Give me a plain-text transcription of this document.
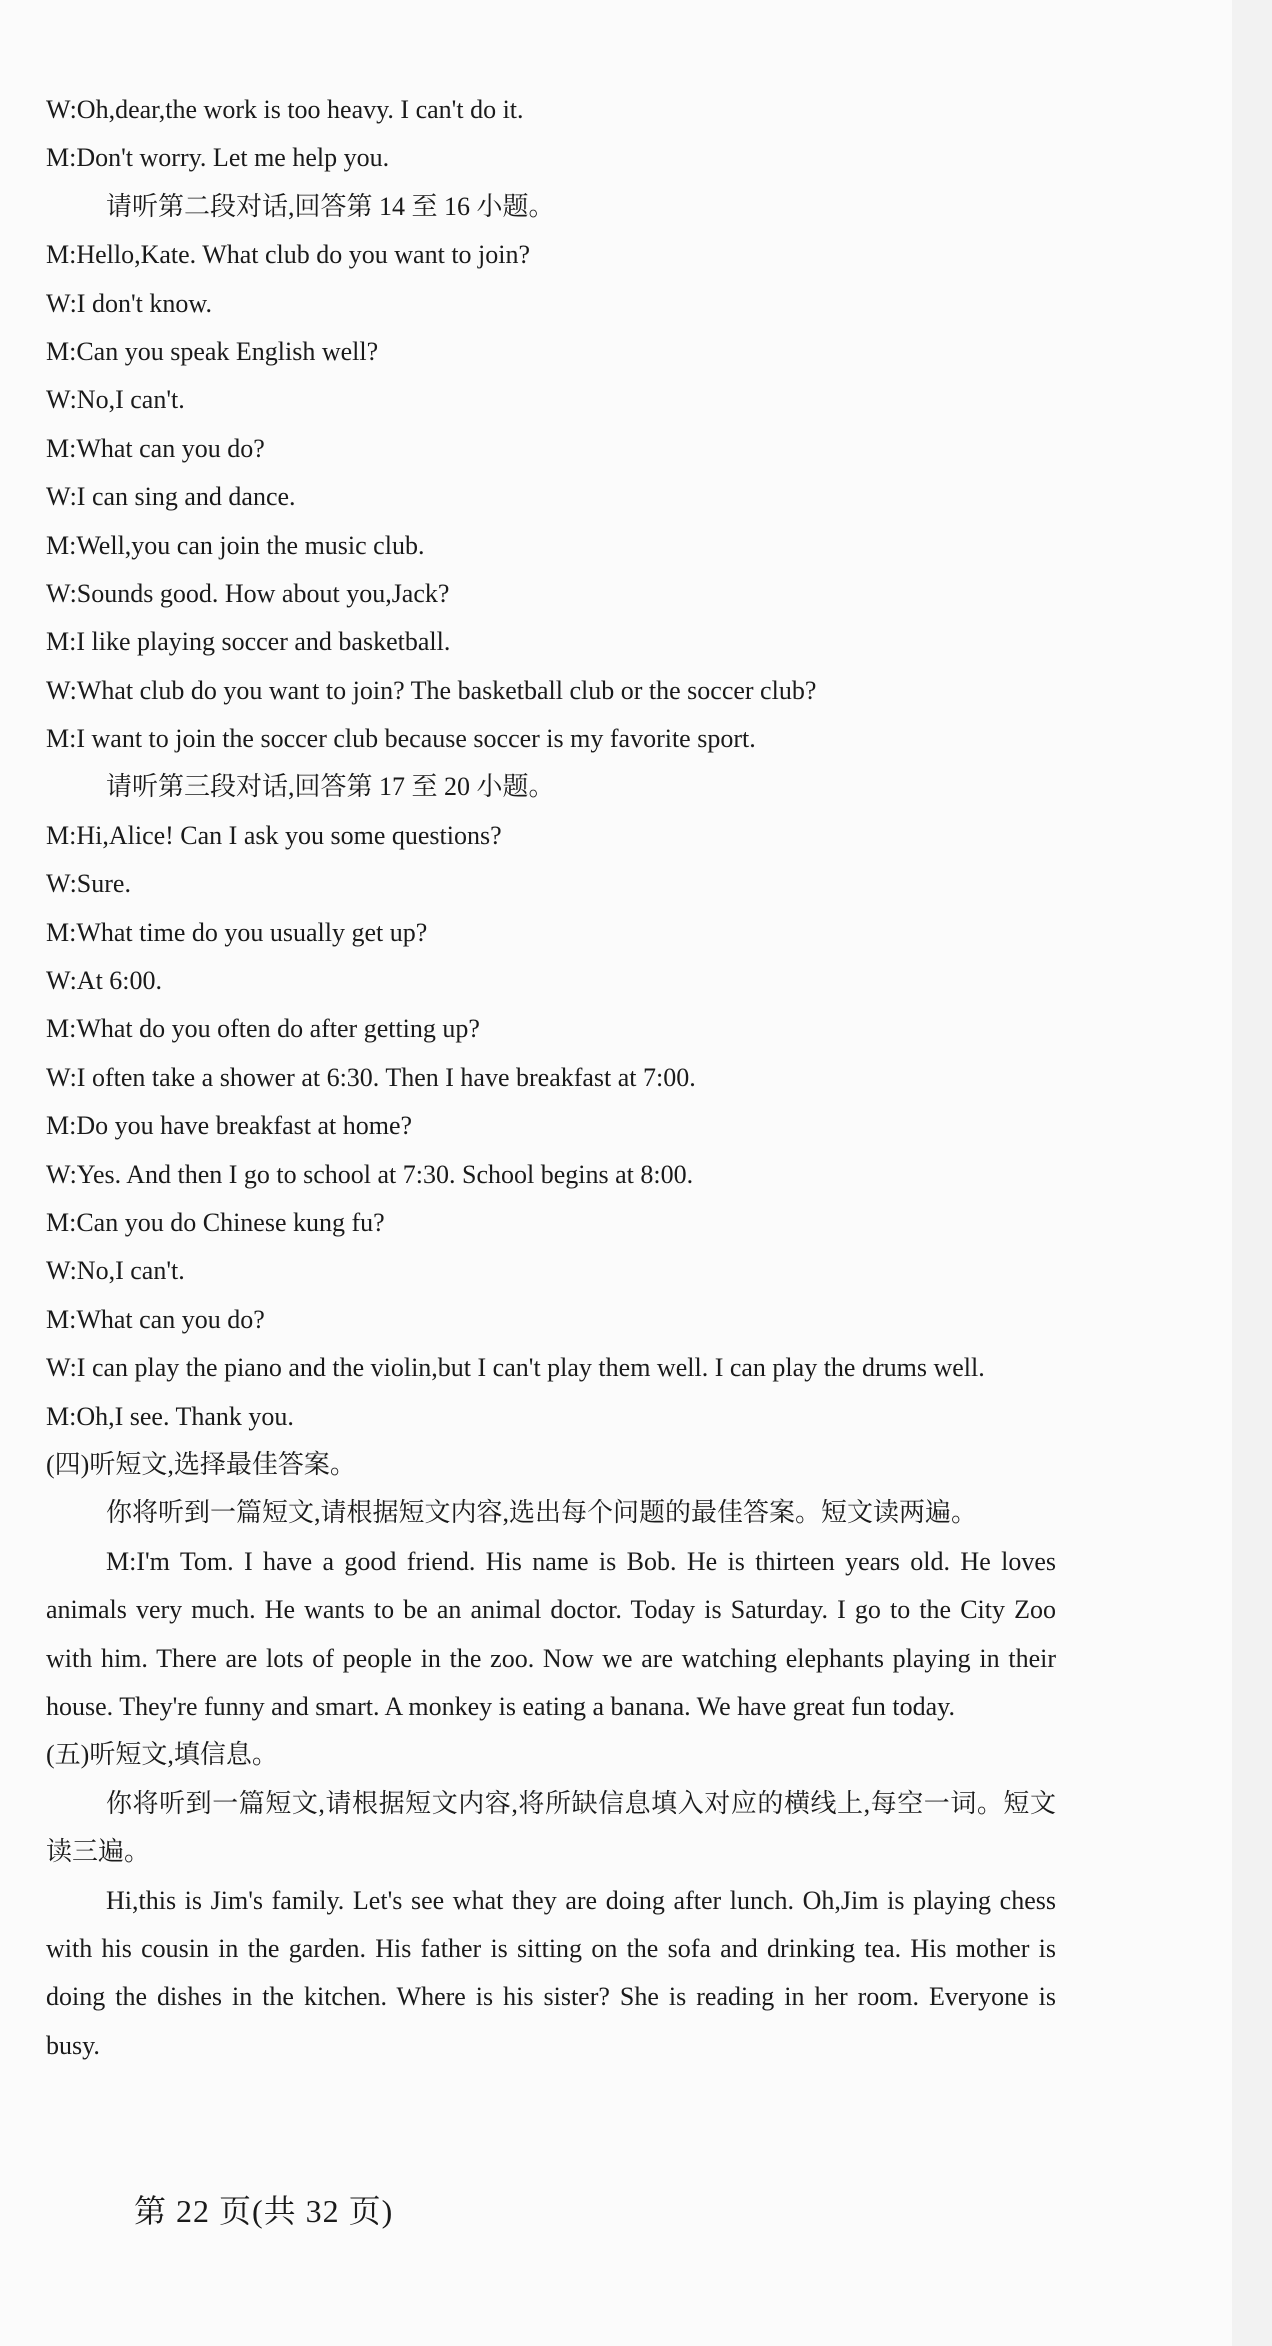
W:Oh,dear,the work is too heavy. I can't do it.
M:Don't worry. Let me help you.
请听第二段对话,回答第 14 至 16 小题。
M:Hello,Kate. What club do you want to join?
W:I don't know.
M:Can you speak English well?
W:No,I can't.
M:What can you do?
W:I can sing and dance.
M:Well,you can join the music club.
W:Sounds good. How about you,Jack?
M:I like playing soccer and basketball.
W:What club do you want to join? The basketball club or the soccer club?
M:I want to join the soccer club because soccer is my favorite sport.
请听第三段对话,回答第 17 至 20 小题。
M:Hi,Alice! Can I ask you some questions?
W:Sure.
M:What time do you usually get up?
W:At 6:00.
M:What do you often do after getting up?
W:I often take a shower at 6:30. Then I have breakfast at 7:00.
M:Do you have breakfast at home?
W:Yes. And then I go to school at 7:30. School begins at 8:00.
M:Can you do Chinese kung fu?
W:No,I can't.
M:What can you do?

W:I can play the piano and the violin,but I can't play them well. I can play the drums well.

M:Oh,I see. Thank you.
(四)听短文,选择最佳答案。

你将听到一篇短文,请根据短文内容,选出每个问题的最佳答案。短文读两遍。

M:I'm Tom. I have a good friend. His name is Bob. He is thirteen years old. He loves animals very much. He wants to be an animal doctor. Today is Saturday. I go to the City Zoo with him. There are lots of people in the zoo. Now we are watching elephants playing in their house. They're funny and smart. A monkey is eating a banana. We have great fun today.

(五)听短文,填信息。

你将听到一篇短文,请根据短文内容,将所缺信息填入对应的横线上,每空一词。短文读三遍。

Hi,this is Jim's family. Let's see what they are doing after lunch. Oh,Jim is playing chess with his cousin in the garden. His father is sitting on the sofa and drinking tea. His mother is doing the dishes in the kitchen. Where is his sister? She is reading in her room. Everyone is busy.

第 22 页(共 32 页)
